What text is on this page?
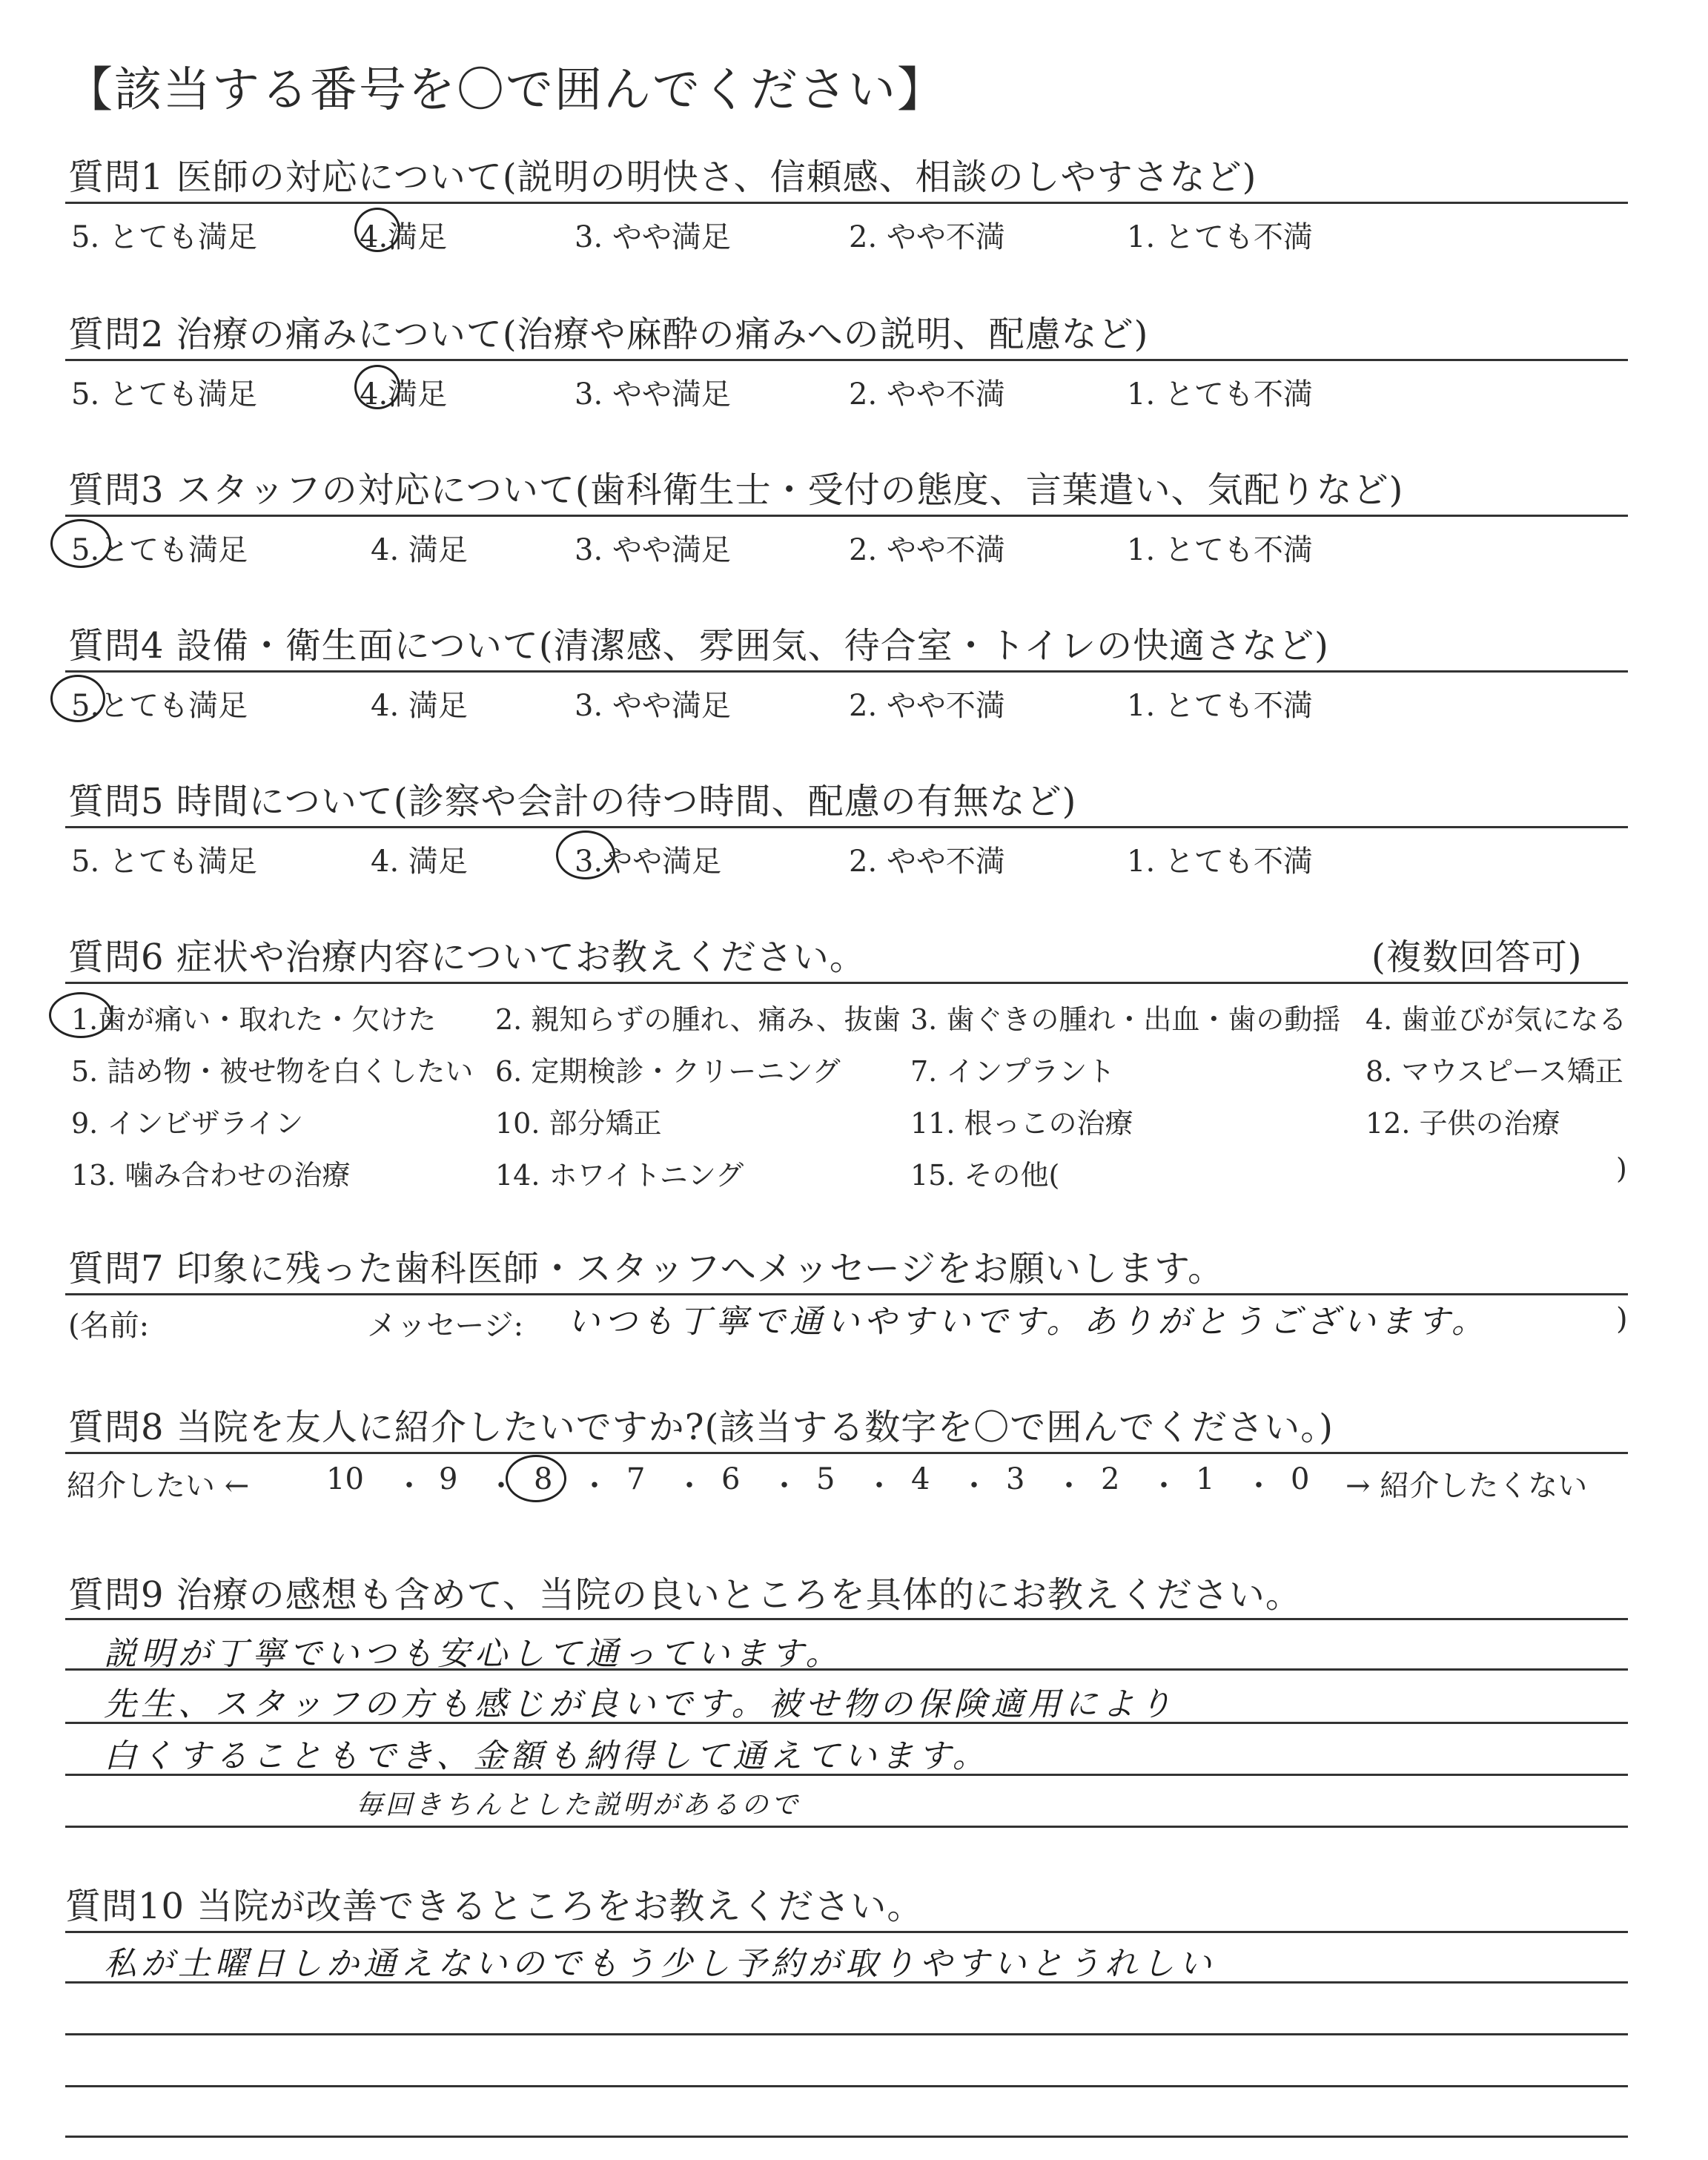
【該当する番号を〇で囲んでください】
質問1 医師の対応について(説明の明快さ、信頼感、相談のしやすさなど)
5. とても満足	4.満足	3. やや満足	2. やや不満	1. とても不満
質問2 治療の痛みについて(治療や麻酔の痛みへの説明、配慮など)
5. とても満足	4.満足	3. やや満足	2. やや不満	1. とても不満
質問3 スタッフの対応について(歯科衛生士・受付の態度、言葉遣い、気配りなど)
5.とても満足	4. 満足	3. やや満足	2. やや不満	1. とても不満
質問4 設備・衛生面について(清潔感、雰囲気、待合室・トイレの快適さなど)
5.とても満足	4. 満足	3. やや満足	2. やや不満	1. とても不満
質問5 時間について(診察や会計の待つ時間、配慮の有無など)
5. とても満足	4. 満足	3.やや満足	2. やや不満	1. とても不満
質問6 症状や治療内容についてお教えください。	(複数回答可)
1.歯が痛い・取れた・欠けた 2. 親知らずの腫れ、痛み、抜歯 3. 歯ぐきの腫れ・出血・歯の動揺 4. 歯並びが気になる
5. 詰め物・被せ物を白くしたい 6. 定期検診・クリーニング 7. インプラント	8. マウスピース矯正
9. インビザライン	10. 部分矯正	11. 根っこの治療	12. 子供の治療
13. 噛み合わせの治療	14. ホワイトニング	15. その他(	)
質問7 印象に残った歯科医師・スタッフへメッセージをお願いします。
(名前:	メッセージ: いつも丁寧で通いやすいです。ありがとうございます。	)
質問8 当院を友人に紹介したいですか?(該当する数字を〇で囲んでください。)
紹介したい ←	10	9	8 7	6	5	4	3	2	1	0
・ ・ ・ ・ ・ ・ ・ ・ ・ ・ → 紹介したくない
質問9 治療の感想も含めて、当院の良いところを具体的にお教えください。
説明が丁寧でいつも安心して通っています。
先生、スタッフの方も感じが良いです。被せ物の保険適用により
白くすることもでき、金額も納得して通えています。
毎回きちんとした説明があるので
質問10 当院が改善できるところをお教えください。
私が土曜日しか通えないのでもう少し予約が取りやすいとうれしい
